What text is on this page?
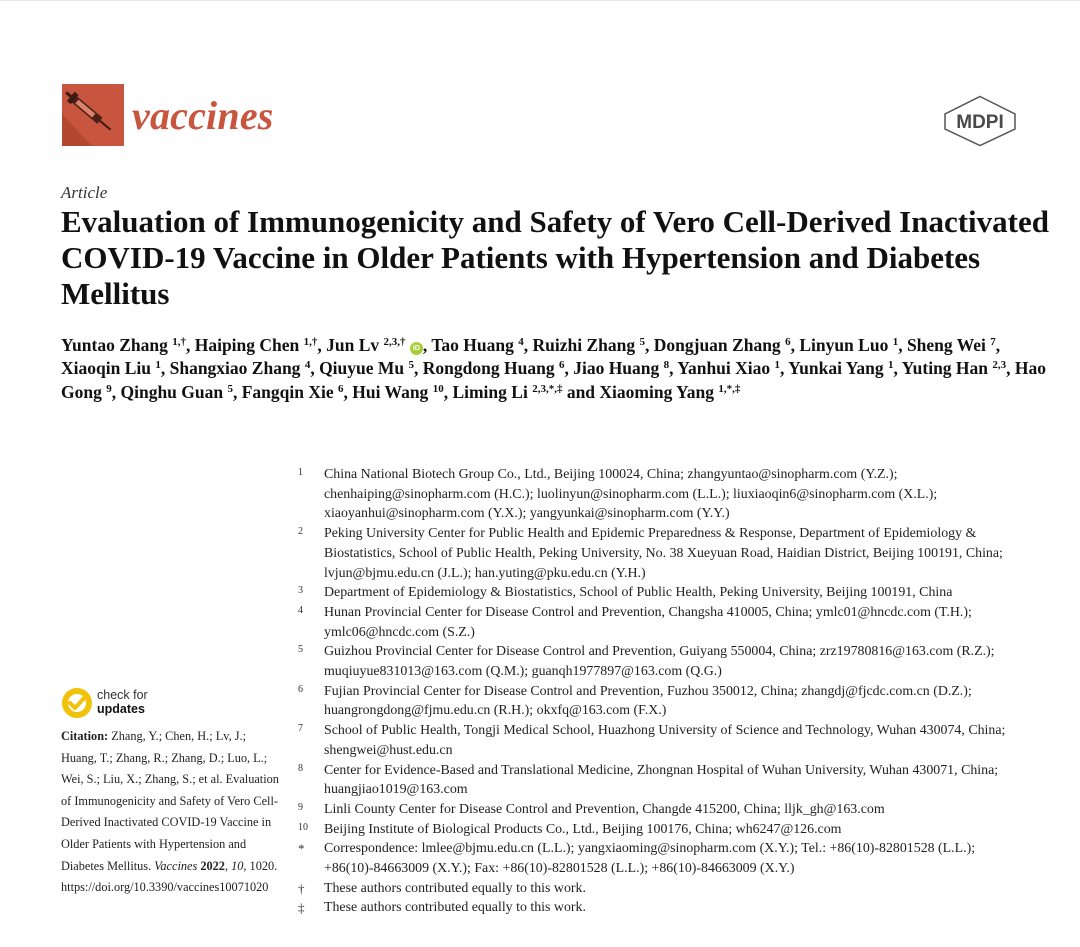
vaccines	MDPI
Article
Evaluation of Immunogenicity and Safety of Vero Cell-Derived Inactivated COVID-19 Vaccine in Older Patients with Hypertension and Diabetes Mellitus
Yuntao Zhang $^{1,\dagger}$, Haiping Chen $^{1,\dagger}$, Jun Lv $^{2,3,\dagger}$ iD , Tao Huang $^4$, Ruizhi Zhang $^5$, Dongjuan Zhang $^6$, Linyun Luo $^1$, Sheng Wei $^7$, Xiaoqin Liu $^1$, Shangxiao Zhang $^4$, Qiuyue Mu $^5$, Rongdong Huang $^6$, Jiao Huang $^8$, Yanhui Xiao $^1$, Yunkai Yang $^1$, Yuting Han $^{2,3}$, Hao Gong $^9$, Qinghu Guan $^5$, Fangqin Xie $^6$, Hui Wang $^{10}$, Liming Li $^{2,3,*,\ddagger}$ and Xiaoming Yang $^{1,*,\ddagger}$
check for
updates
Citation: Zhang, Y.; Chen, H.; Lv, J.; Huang, T.; Zhang, R.; Zhang, D.; Luo, L.; Wei, S.; Liu, X.; Zhang, S.; et al. Evaluation of Immunogenicity and Safety of Vero Cell-Derived Inactivated COVID-19 Vaccine in Older Patients with Hypertension and Diabetes Mellitus. Vaccines 2022, 10, 1020. https://doi.org/10.3390/vaccines10071020
1	China National Biotech Group Co., Ltd., Beijing 100024, China; zhangyuntao@sinopharm.com (Y.Z.); chenhaiping@sinopharm.com (H.C.); luolinyun@sinopharm.com (L.L.); liuxiaoqin6@sinopharm.com (X.L.); xiaoyanhui@sinopharm.com (Y.X.); yangyunkai@sinopharm.com (Y.Y.)
2	Peking University Center for Public Health and Epidemic Preparedness & Response, Department of Epidemiology & Biostatistics, School of Public Health, Peking University, No. 38 Xueyuan Road, Haidian District, Beijing 100191, China; lvjun@bjmu.edu.cn (J.L.); han.yuting@pku.edu.cn (Y.H.)
3	Department of Epidemiology & Biostatistics, School of Public Health, Peking University, Beijing 100191, China
4	Hunan Provincial Center for Disease Control and Prevention, Changsha 410005, China; ymlc01@hncdc.com (T.H.); ymlc06@hncdc.com (S.Z.)
5	Guizhou Provincial Center for Disease Control and Prevention, Guiyang 550004, China; zrz19780816@163.com (R.Z.); muqiuyue831013@163.com (Q.M.); guanqh1977897@163.com (Q.G.)
6	Fujian Provincial Center for Disease Control and Prevention, Fuzhou 350012, China; zhangdj@fjcdc.com.cn (D.Z.); huangrongdong@fjmu.edu.cn (R.H.); okxfq@163.com (F.X.)
7	School of Public Health, Tongji Medical School, Huazhong University of Science and Technology, Wuhan 430074, China; shengwei@hust.edu.cn
8	Center for Evidence-Based and Translational Medicine, Zhongnan Hospital of Wuhan University, Wuhan 430071, China; huangjiao1019@163.com
9	Linli County Center for Disease Control and Prevention, Changde 415200, China; lljk_gh@163.com
10	Beijing Institute of Biological Products Co., Ltd., Beijing 100176, China; wh6247@126.com
*	Correspondence: lmlee@bjmu.edu.cn (L.L.); yangxiaoming@sinopharm.com (X.Y.); Tel.: +86(10)-82801528 (L.L.); +86(10)-84663009 (X.Y.); Fax: +86(10)-82801528 (L.L.); +86(10)-84663009 (X.Y.)
†	These authors contributed equally to this work.
‡	These authors contributed equally to this work.
